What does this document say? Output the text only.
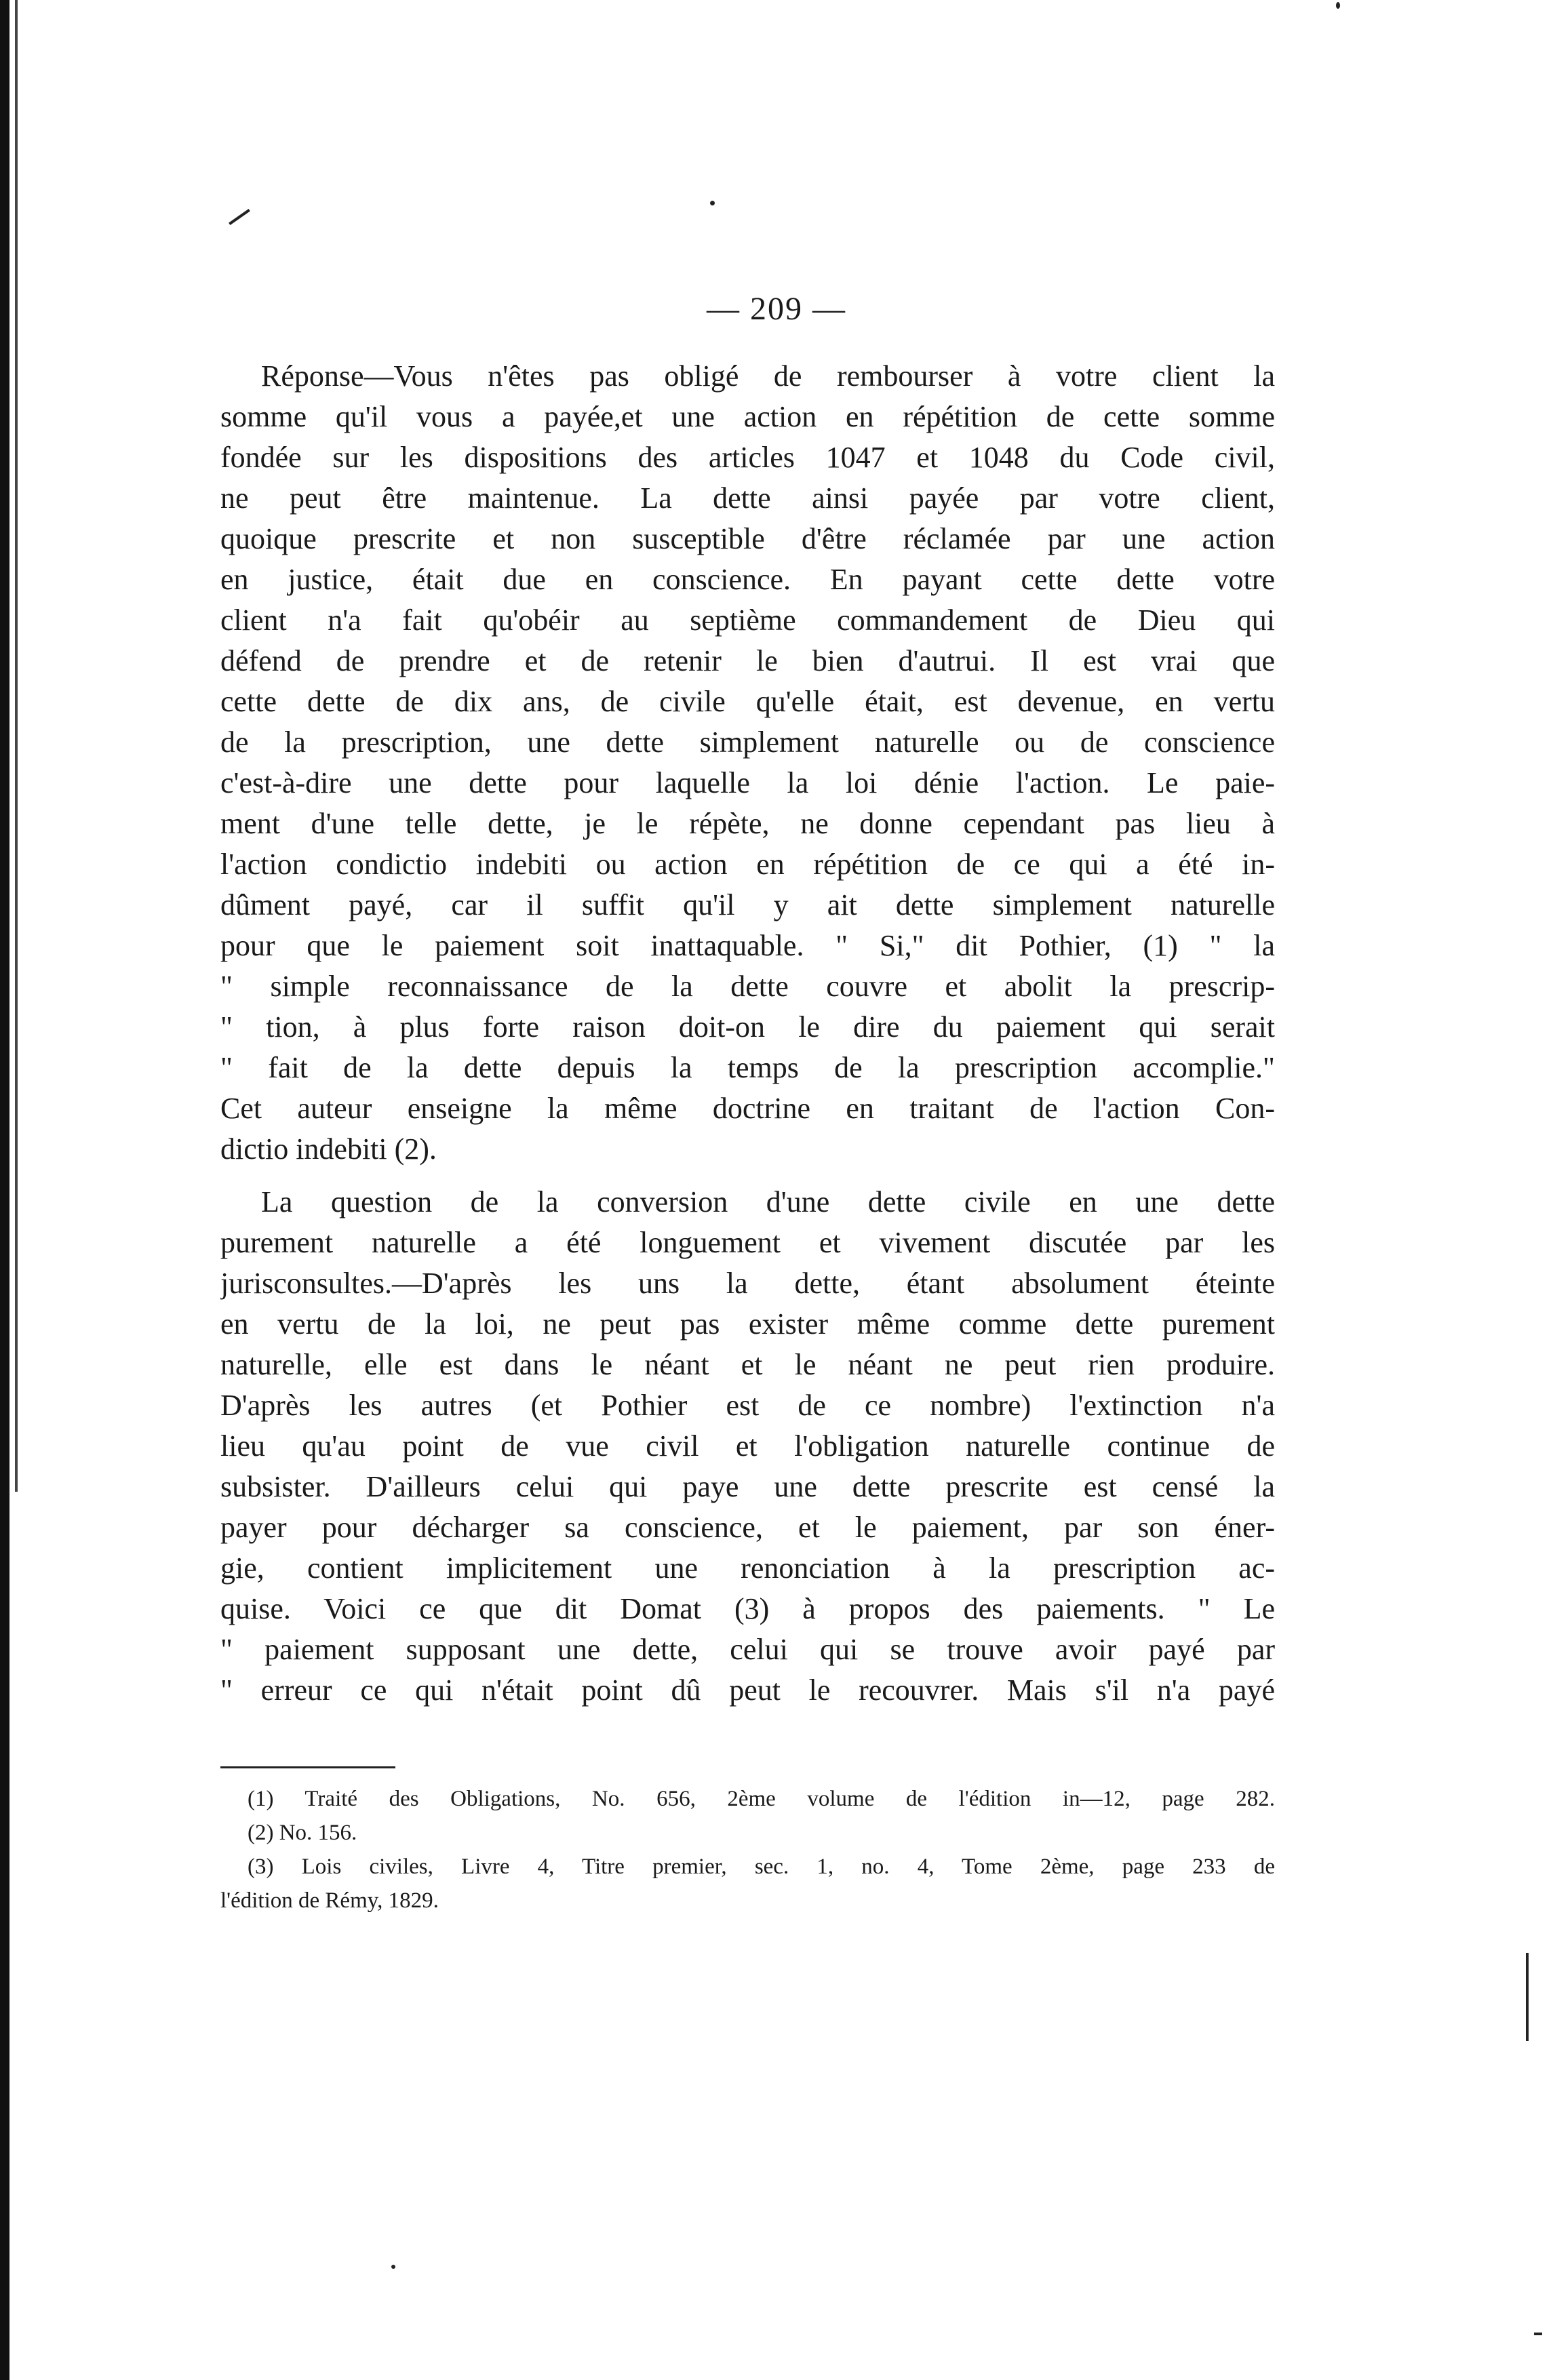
— 209 —
Réponse—Vous n'êtes pas obligé de rembourser à votre client la
somme qu'il vous a payée,et une action en répétition de cette somme
fondée sur les dispositions des articles 1047 et 1048 du Code civil,
ne peut être maintenue. La dette ainsi payée par votre client,
quoique prescrite et non susceptible d'être réclamée par une action
en justice, était due en conscience. En payant cette dette votre
client n'a fait qu'obéir au septième commandement de Dieu qui
défend de prendre et de retenir le bien d'autrui. Il est vrai que
cette dette de dix ans, de civile qu'elle était, est devenue, en vertu
de la prescription, une dette simplement naturelle ou de conscience
c'est-à-dire une dette pour laquelle la loi dénie l'action. Le paie-
ment d'une telle dette, je le répète, ne donne cependant pas lieu à
l'action condictio indebiti ou action en répétition de ce qui a été in-
dûment payé, car il suffit qu'il y ait dette simplement naturelle
pour que le paiement soit inattaquable. " Si," dit Pothier, (1) " la
" simple reconnaissance de la dette couvre et abolit la prescrip-
" tion, à plus forte raison doit-on le dire du paiement qui serait
" fait de la dette depuis la temps de la prescription accomplie."
Cet auteur enseigne la même doctrine en traitant de l'action Con-
dictio indebiti (2).
La question de la conversion d'une dette civile en une dette
purement naturelle a été longuement et vivement discutée par les
jurisconsultes.—D'après les uns la dette, étant absolument éteinte
en vertu de la loi, ne peut pas exister même comme dette purement
naturelle, elle est dans le néant et le néant ne peut rien produire.
D'après les autres (et Pothier est de ce nombre) l'extinction n'a
lieu qu'au point de vue civil et l'obligation naturelle continue de
subsister. D'ailleurs celui qui paye une dette prescrite est censé la
payer pour décharger sa conscience, et le paiement, par son éner-
gie, contient implicitement une renonciation à la prescription ac-
quise. Voici ce que dit Domat (3) à propos des paiements. " Le
" paiement supposant une dette, celui qui se trouve avoir payé par
" erreur ce qui n'était point dû peut le recouvrer. Mais s'il n'a payé
(1) Traité des Obligations, No. 656, 2ème volume de l'édition in—12, page 282.
(2) No. 156.
(3) Lois civiles, Livre 4, Titre premier, sec. 1, no. 4, Tome 2ème, page 233 de
l'édition de Rémy, 1829.
